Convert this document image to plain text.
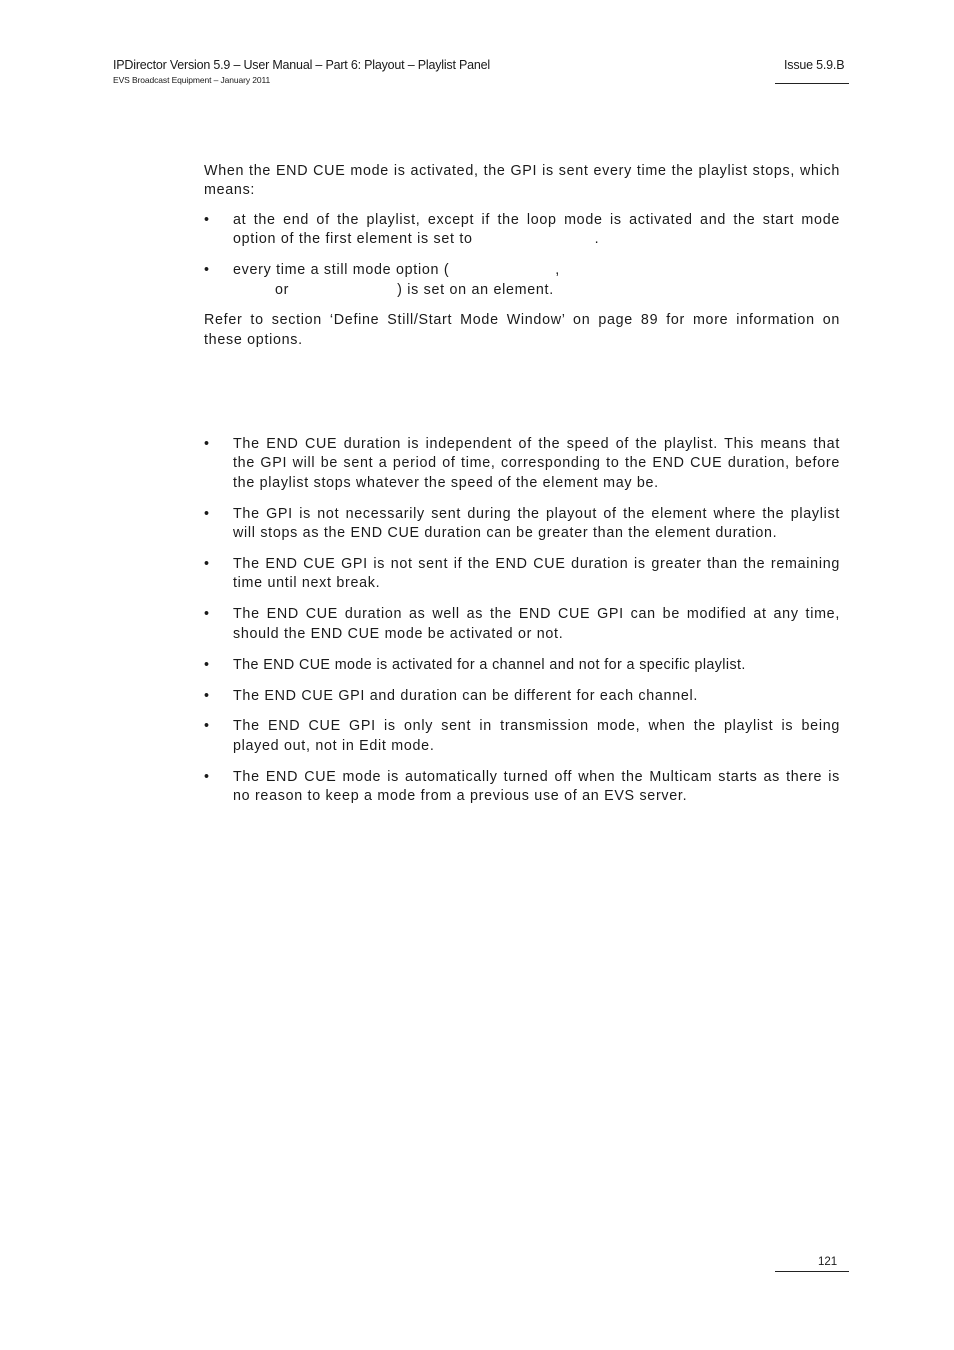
IPDirector Version 5.9 – User Manual – Part 6: Playout – Playlist Panel
EVS Broadcast Equipment – January 2011
Issue 5.9.B

When the END CUE mode is activated, the GPI is sent every time the playlist stops, which means:

• at the end of the playlist, except if the loop mode is activated and the start mode option of the first element is set to	.
• every time a still mode option (	,
or	) is set on an element.

Refer to section ‘Define Still/Start Mode Window’ on page 89 for more information on these options.

• The END CUE duration is independent of the speed of the playlist. This means that the GPI will be sent a period of time, corresponding to the END CUE duration, before the playlist stops whatever the speed of the element may be.
• The GPI is not necessarily sent during the playout of the element where the playlist will stops as the END CUE duration can be greater than the element duration.
• The END CUE GPI is not sent if the END CUE duration is greater than the remaining time until next break.
• The END CUE duration as well as the END CUE GPI can be modified at any time, should the END CUE mode be activated or not.
• The END CUE mode is activated for a channel and not for a specific playlist.
• The END CUE GPI and duration can be different for each channel.
• The END CUE GPI is only sent in transmission mode, when the playlist is being played out, not in Edit mode.
• The END CUE mode is automatically turned off when the Multicam starts as there is no reason to keep a mode from a previous use of an EVS server.
121
